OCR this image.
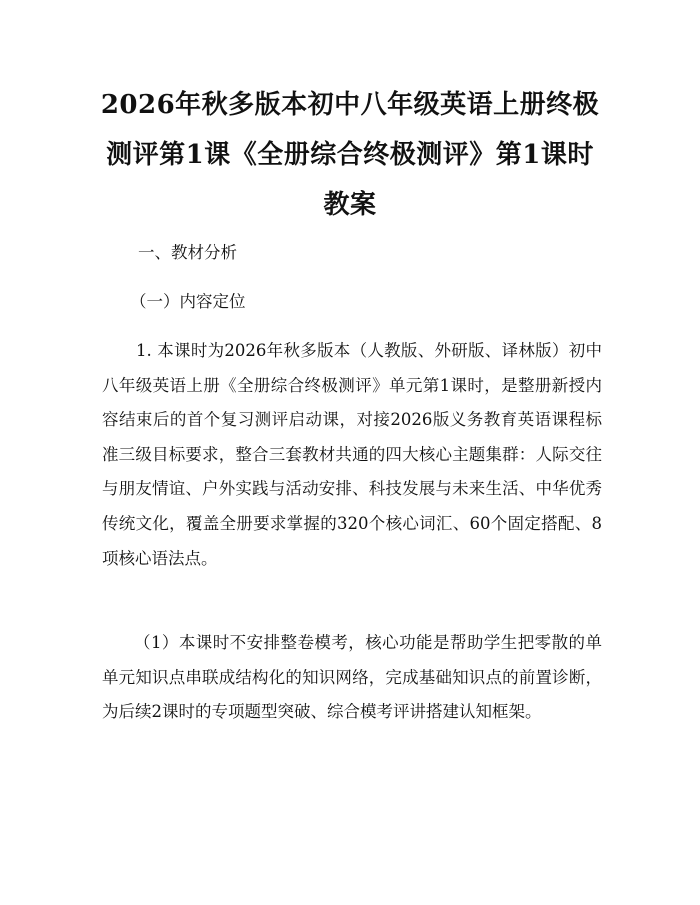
2026年秋多版本初中八年级英语上册终极测评第1课《全册综合终极测评》第1课时教案

一、教材分析

（一）内容定位

1. 本课时为2026年秋多版本（人教版、外研版、译林版）初中八年级英语上册《全册综合终极测评》单元第1课时，是整册新授内容结束后的首个复习测评启动课，对接2026版义务教育英语课程标准三级目标要求，整合三套教材共通的四大核心主题集群：人际交往与朋友情谊、户外实践与活动安排、科技发展与未来生活、中华优秀传统文化，覆盖全册要求掌握的320个核心词汇、60个固定搭配、8项核心语法点。

（1）本课时不安排整卷模考，核心功能是帮助学生把零散的单单元知识点串联成结构化的知识网络，完成基础知识点的前置诊断，为后续2课时的专项题型突破、综合模考评讲搭建认知框架。
